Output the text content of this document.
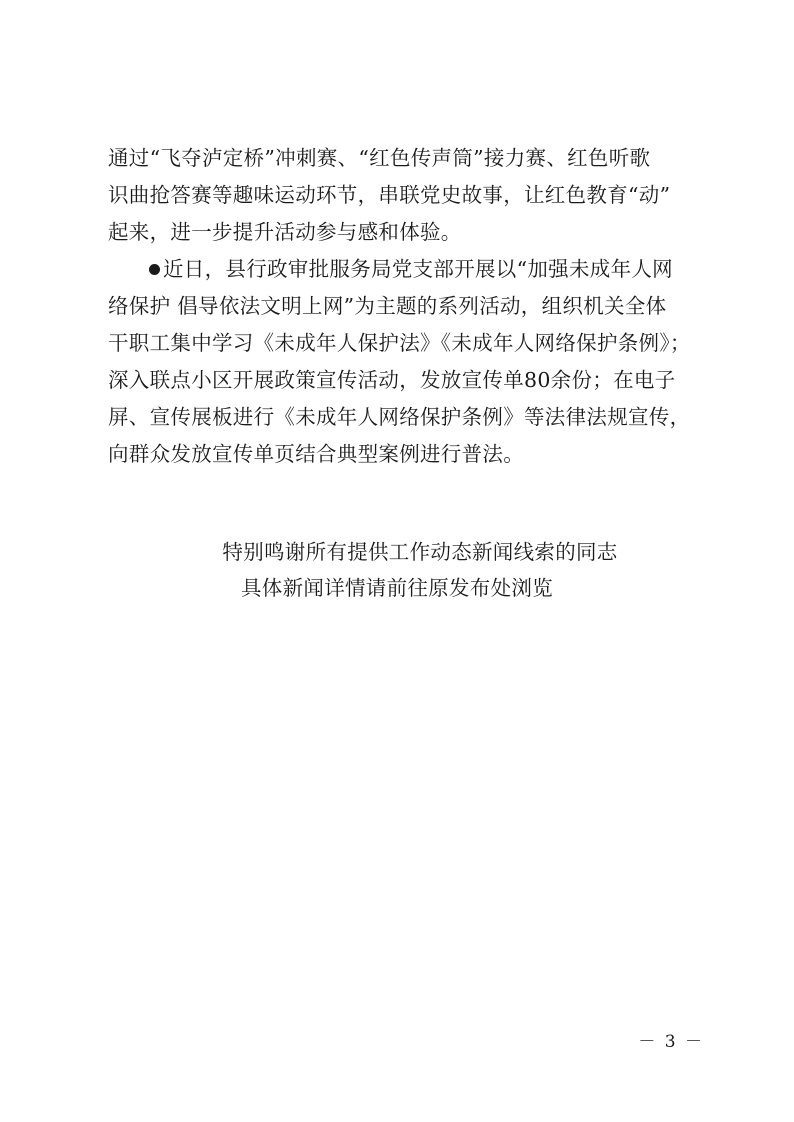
通过“飞夺泸定桥”冲刺赛、“红色传声筒”接力赛、红色听歌
识曲抢答赛等趣味运动环节，串联党史故事，让红色教育“动”
起来，进一步提升活动参与感和体验。
近日，县行政审批服务局党支部开展以“加强未成年人网
络保护 倡导依法文明上网”为主题的系列活动，组织机关全体
干职工集中学习《未成年人保护法》《未成年人网络保护条例》；
深入联点小区开展政策宣传活动，发放宣传单80余份；在电子
屏、宣传展板进行《未成年人网络保护条例》等法律法规宣传，
向群众发放宣传单页结合典型案例进行普法。
特别鸣谢所有提供工作动态新闻线索的同志
具体新闻详情请前往原发布处浏览
－ 3 －
